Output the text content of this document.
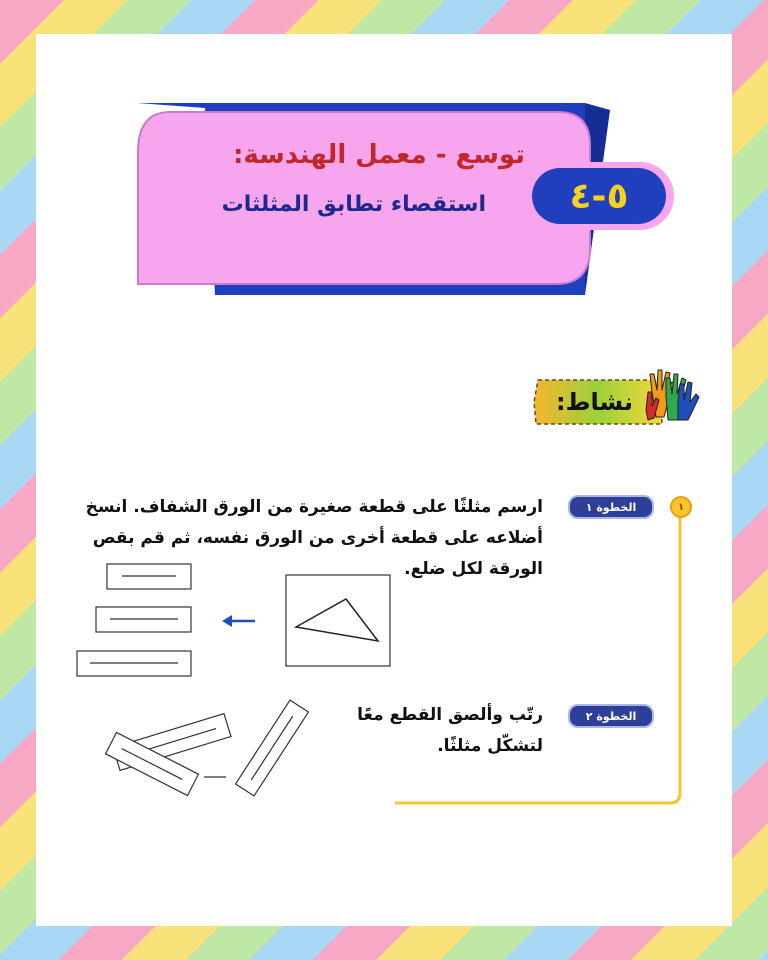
توسع - معمل الهندسة:
استقصاء تطابق المثلثات	٥-٤
نشاط:
١
الخطوة ١
ارسم مثلثًا على قطعة صغيرة من الورق الشفاف. انسخ
أضلاعه على قطعة أخرى من الورق نفسه، ثم قم بقص
الورقة لكل ضلع.
الخطوة ٢
رتّب وألصق القطع معًا
لتشكّل مثلثًا.
